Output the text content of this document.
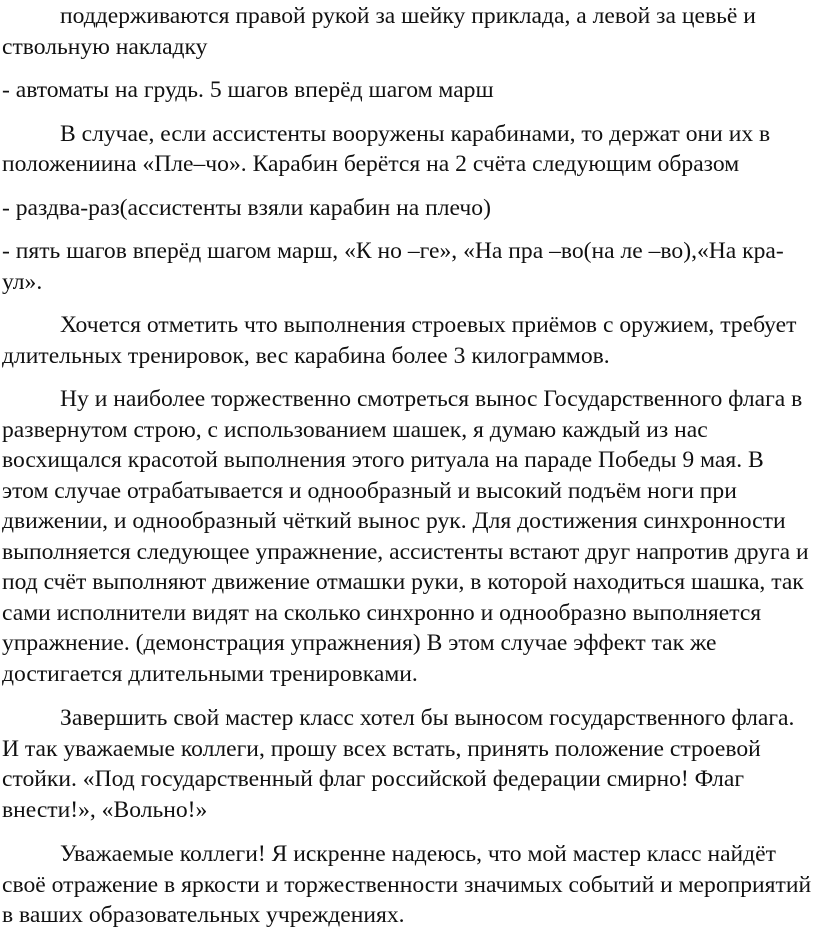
поддерживаются правой рукой за шейку приклада, а левой за цевьё и ствольную накладку

- автоматы на грудь. 5 шагов вперёд шагом марш

В случае, если ассистенты вооружены карабинами, то держат они их в положениина «Пле–чо». Карабин берётся на 2 счёта следующим образом

- раздва-раз(ассистенты взяли карабин на плечо)

- пять шагов вперёд шагом марш, «К но –ге», «На пра –во(на ле –во),«На кра-ул».

Хочется отметить что выполнения строевых приёмов с оружием, требует длительных тренировок, вес карабина более 3 килограммов.

Ну и наиболее торжественно смотреться вынос Государственного флага в развернутом строю, с использованием шашек, я думаю каждый из нас восхищался красотой выполнения этого ритуала на параде Победы 9 мая. В этом случае отрабатывается и однообразный и высокий подъём ноги при движении, и однообразный чёткий вынос рук. Для достижения синхронности выполняется следующее упражнение, ассистенты встают друг напротив друга и под счёт выполняют движение отмашки руки, в которой находиться шашка, так сами исполнители видят на сколько синхронно и однообразно выполняется упражнение. (демонстрация упражнения) В этом случае эффект так же достигается длительными тренировками.

Завершить свой мастер класс хотел бы выносом государственного флага. И так уважаемые коллеги, прошу всех встать, принять положение строевой стойки. «Под государственный флаг российской федерации смирно! Флаг внести!», «Вольно!»

Уважаемые коллеги! Я искренне надеюсь, что мой мастер класс найдёт своё отражение в яркости и торжественности значимых событий и мероприятий в ваших образовательных учреждениях.
